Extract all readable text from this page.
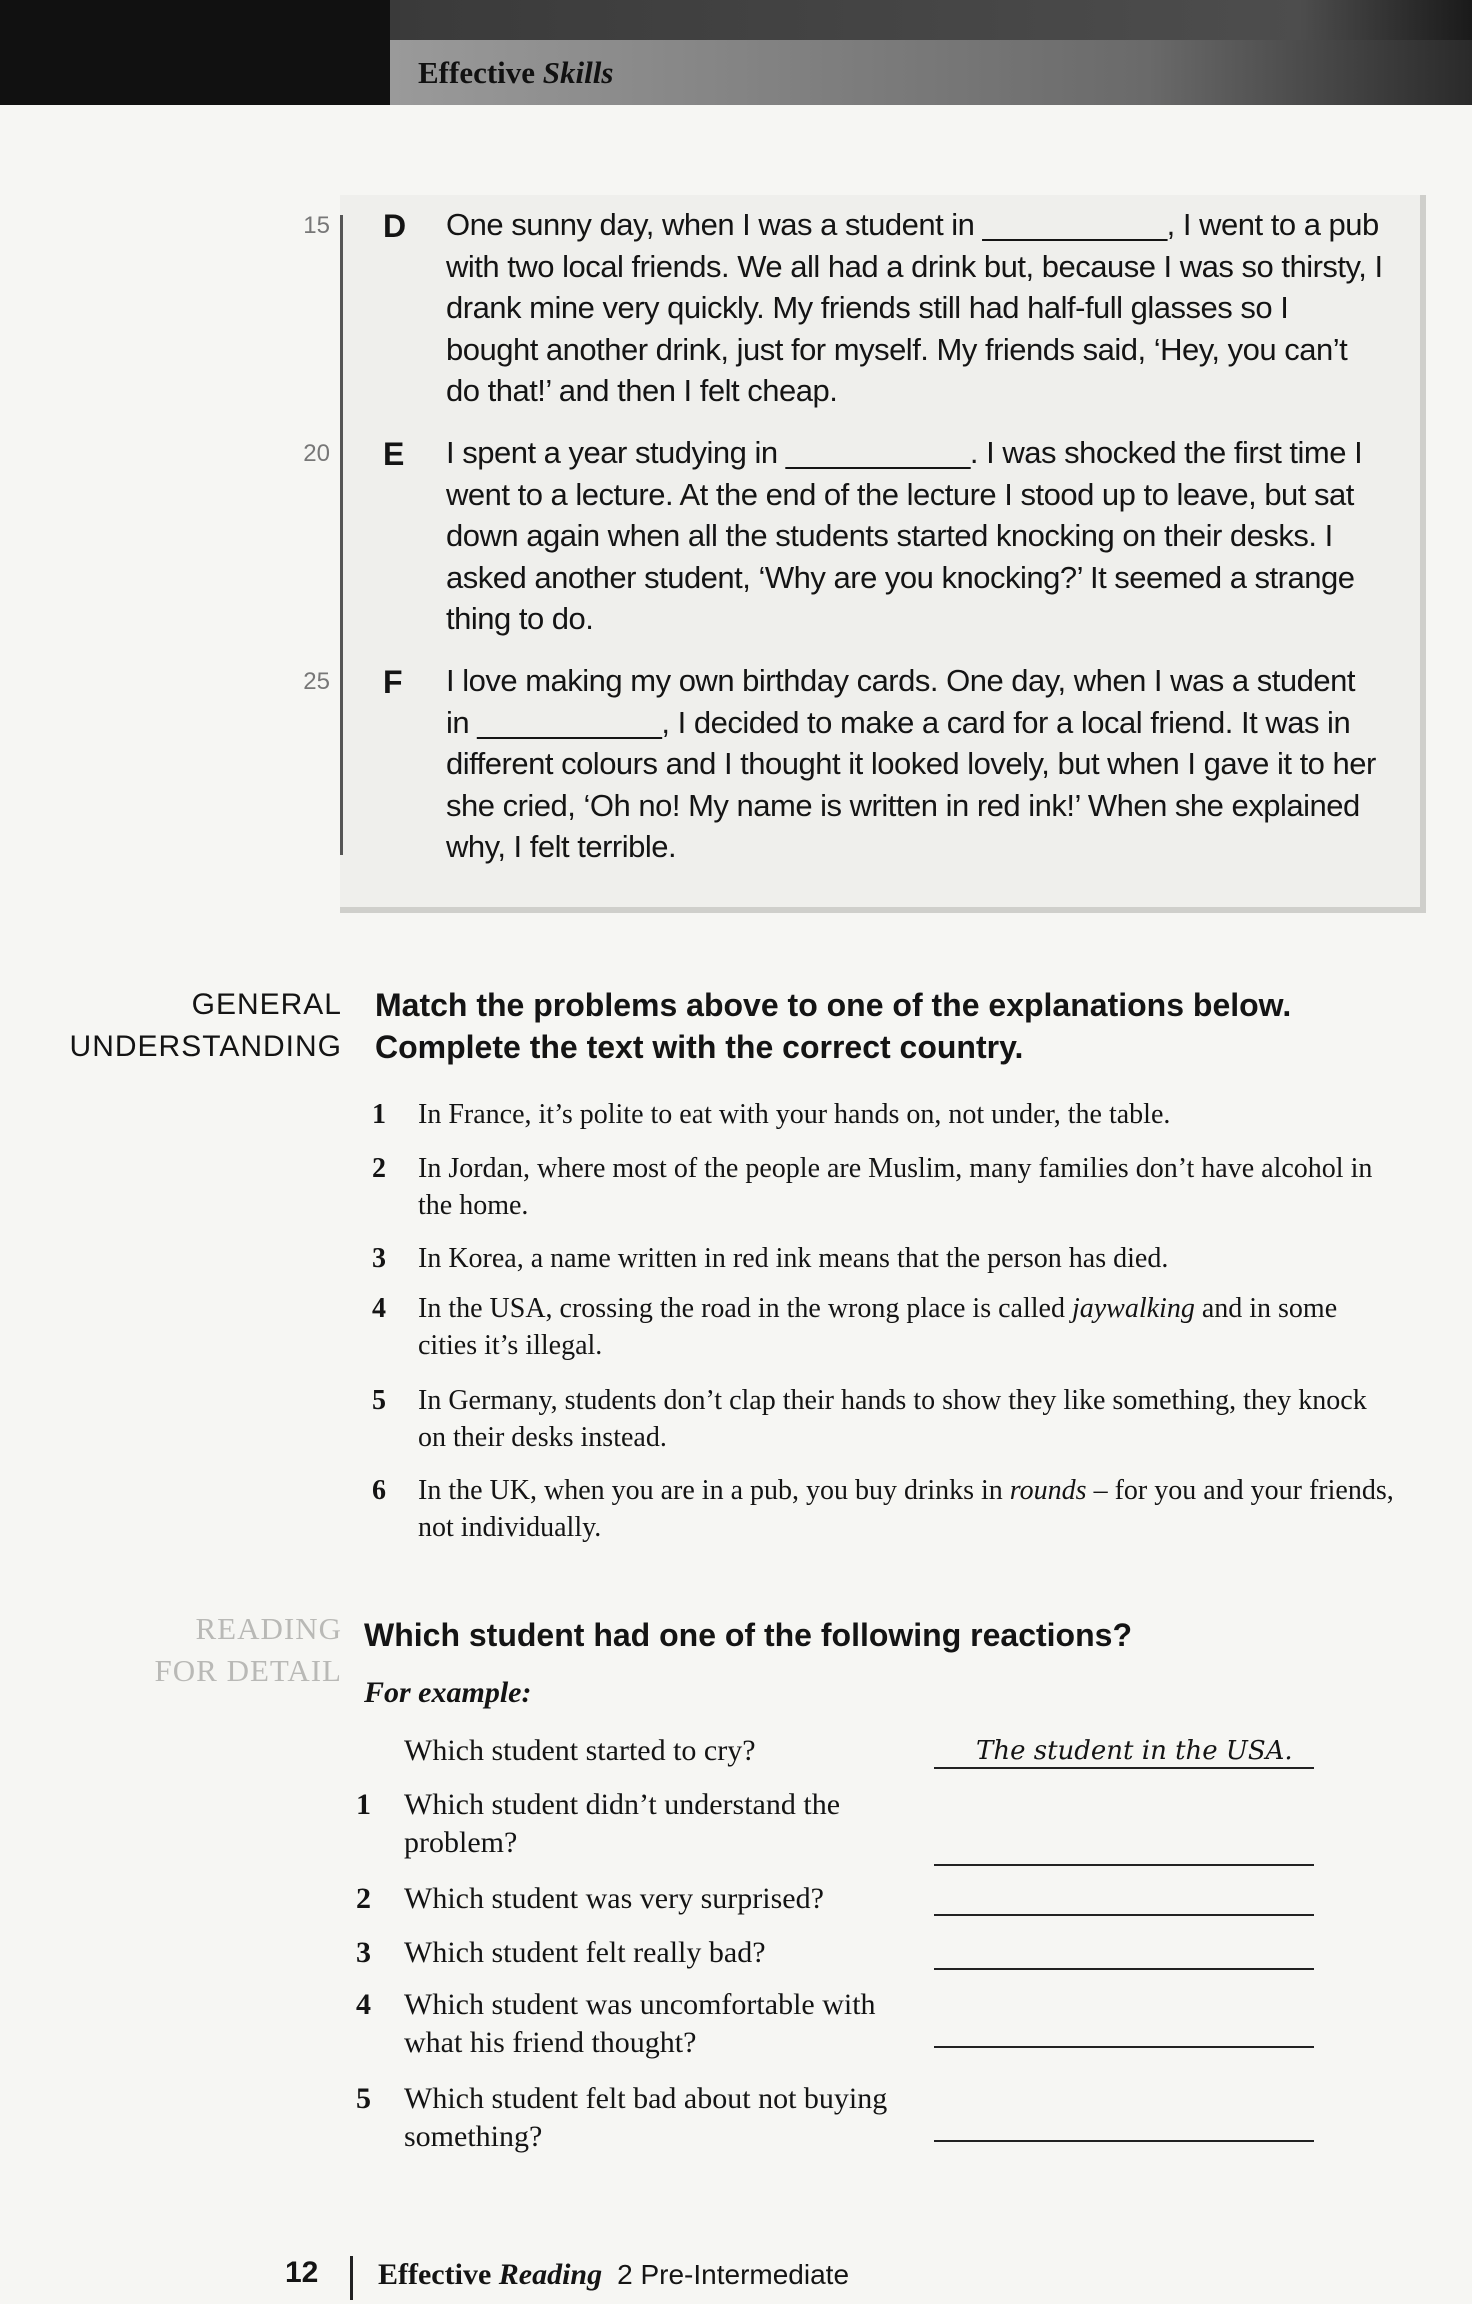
Effective Skills
15 D One sunny day, when I was a student in ___________, I went to a pub with two local friends. We all had a drink but, because I was so thirsty, I drank mine very quickly. My friends still had half-full glasses so I bought another drink, just for myself. My friends said, ‘Hey, you can’t do that!’ and then I felt cheap.
20 E I spent a year studying in ___________. I was shocked the first time I went to a lecture. At the end of the lecture I stood up to leave, but sat down again when all the students started knocking on their desks. I asked another student, ‘Why are you knocking?’ It seemed a strange thing to do.
25 F I love making my own birthday cards. One day, when I was a student in ___________, I decided to make a card for a local friend. It was in different colours and I thought it looked lovely, but when I gave it to her she cried, ‘Oh no! My name is written in red ink!’ When she explained why, I felt terrible.
GENERAL
UNDERSTANDING
Match the problems above to one of the explanations below.
Complete the text with the correct country.
1 In France, it’s polite to eat with your hands on, not under, the table.
2 In Jordan, where most of the people are Muslim, many families don’t have alcohol in the home.
3 In Korea, a name written in red ink means that the person has died.
4 In the USA, crossing the road in the wrong place is called jaywalking and in some cities it’s illegal.
5 In Germany, students don’t clap their hands to show they like something, they knock on their desks instead.
6 In the UK, when you are in a pub, you buy drinks in rounds – for you and your friends, not individually.
READING
FOR DETAIL
Which student had one of the following reactions?
For example:
Which student started to cry?	The student in the USA.
1 Which student didn’t understand the problem?
2 Which student was very surprised?
3 Which student felt really bad?
4 Which student was uncomfortable with what his friend thought?
5 Which student felt bad about not buying something?
12 Effective Reading 2 Pre-Intermediate
